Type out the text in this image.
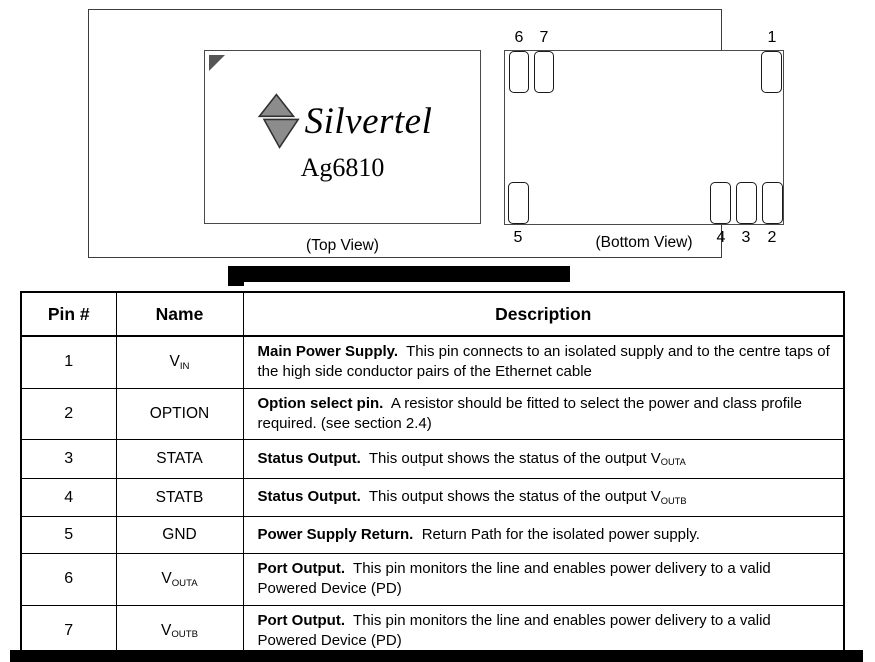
Silvertel
Ag6810
6	7	1
5	4	3	2
(Top View)	(Bottom View)
Pin #	Name	Description
1	VIN	Main Power Supply.  This pin connects to an isolated supply and to the centre taps of the high side conductor pairs of the Ethernet cable
2	OPTION	Option select pin.  A resistor should be fitted to select the power and class profile required. (see section 2.4)
3	STATA	Status Output.  This output shows the status of the output VOUTA
4	STATB	Status Output.  This output shows the status of the output VOUTB
5	GND	Power Supply Return.  Return Path for the isolated power supply.
6	VOUTA	Port Output.  This pin monitors the line and enables power delivery to a valid Powered Device (PD)
7	VOUTB	Port Output.  This pin monitors the line and enables power delivery to a valid Powered Device (PD)
